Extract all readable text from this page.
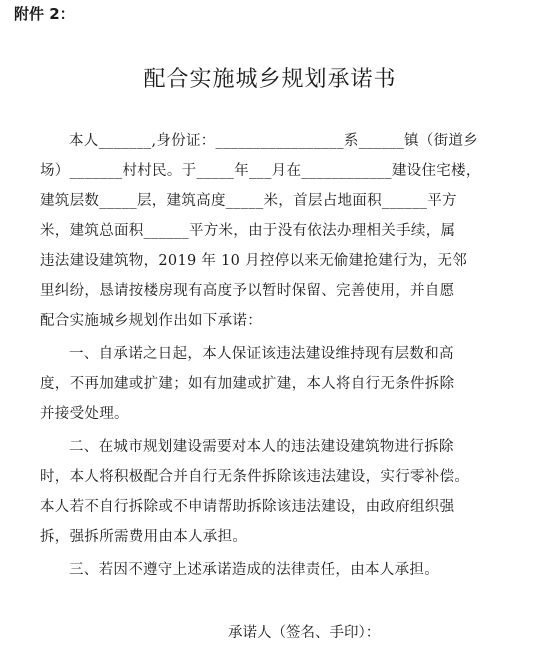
附件 2：
配合实施城乡规划承诺书
本人_______,身份证：_________________系______镇（街道乡
场）_______村村民。于_____年___月在____________建设住宅楼，
建筑层数_____层，建筑高度_____米，首层占地面积______平方
米，建筑总面积______平方米，由于没有依法办理相关手续，属
违法建设建筑物，2019 年 10 月控停以来无偷建抢建行为，无邻
里纠纷，恳请按楼房现有高度予以暂时保留、完善使用，并自愿
配合实施城乡规划作出如下承诺：
一、自承诺之日起，本人保证该违法建设维持现有层数和高
度，不再加建或扩建；如有加建或扩建，本人将自行无条件拆除
并接受处理。
二、在城市规划建设需要对本人的违法建设建筑物进行拆除
时，本人将积极配合并自行无条件拆除该违法建设，实行零补偿。
本人若不自行拆除或不申请帮助拆除该违法建设，由政府组织强
拆，强拆所需费用由本人承担。
三、若因不遵守上述承诺造成的法律责任，由本人承担。
承诺人（签名、手印）：
